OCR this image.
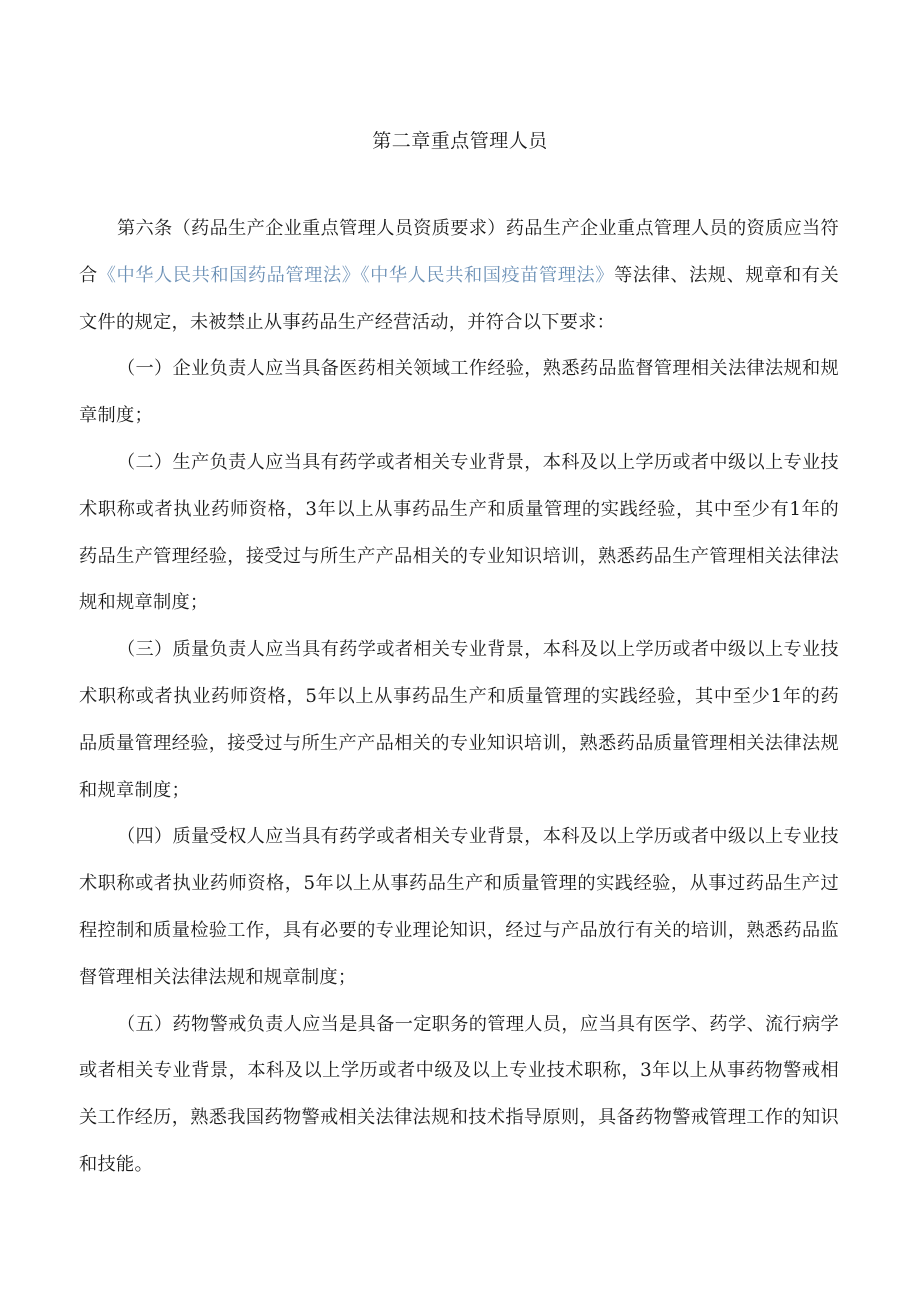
第二章重点管理人员

第六条（药品生产企业重点管理人员资质要求）药品生产企业重点管理人员的资质应当符合《中华人民共和国药品管理法》《中华人民共和国疫苗管理法》等法律、法规、规章和有关文件的规定，未被禁止从事药品生产经营活动，并符合以下要求：

（一）企业负责人应当具备医药相关领域工作经验，熟悉药品监督管理相关法律法规和规章制度；

（二）生产负责人应当具有药学或者相关专业背景，本科及以上学历或者中级以上专业技术职称或者执业药师资格，3年以上从事药品生产和质量管理的实践经验，其中至少有1年的药品生产管理经验，接受过与所生产产品相关的专业知识培训，熟悉药品生产管理相关法律法规和规章制度；

（三）质量负责人应当具有药学或者相关专业背景，本科及以上学历或者中级以上专业技术职称或者执业药师资格，5年以上从事药品生产和质量管理的实践经验，其中至少1年的药品质量管理经验，接受过与所生产产品相关的专业知识培训，熟悉药品质量管理相关法律法规和规章制度；

（四）质量受权人应当具有药学或者相关专业背景，本科及以上学历或者中级以上专业技术职称或者执业药师资格，5年以上从事药品生产和质量管理的实践经验，从事过药品生产过程控制和质量检验工作，具有必要的专业理论知识，经过与产品放行有关的培训，熟悉药品监督管理相关法律法规和规章制度；

（五）药物警戒负责人应当是具备一定职务的管理人员，应当具有医学、药学、流行病学或者相关专业背景，本科及以上学历或者中级及以上专业技术职称，3年以上从事药物警戒相关工作经历，熟悉我国药物警戒相关法律法规和技术指导原则，具备药物警戒管理工作的知识和技能。
